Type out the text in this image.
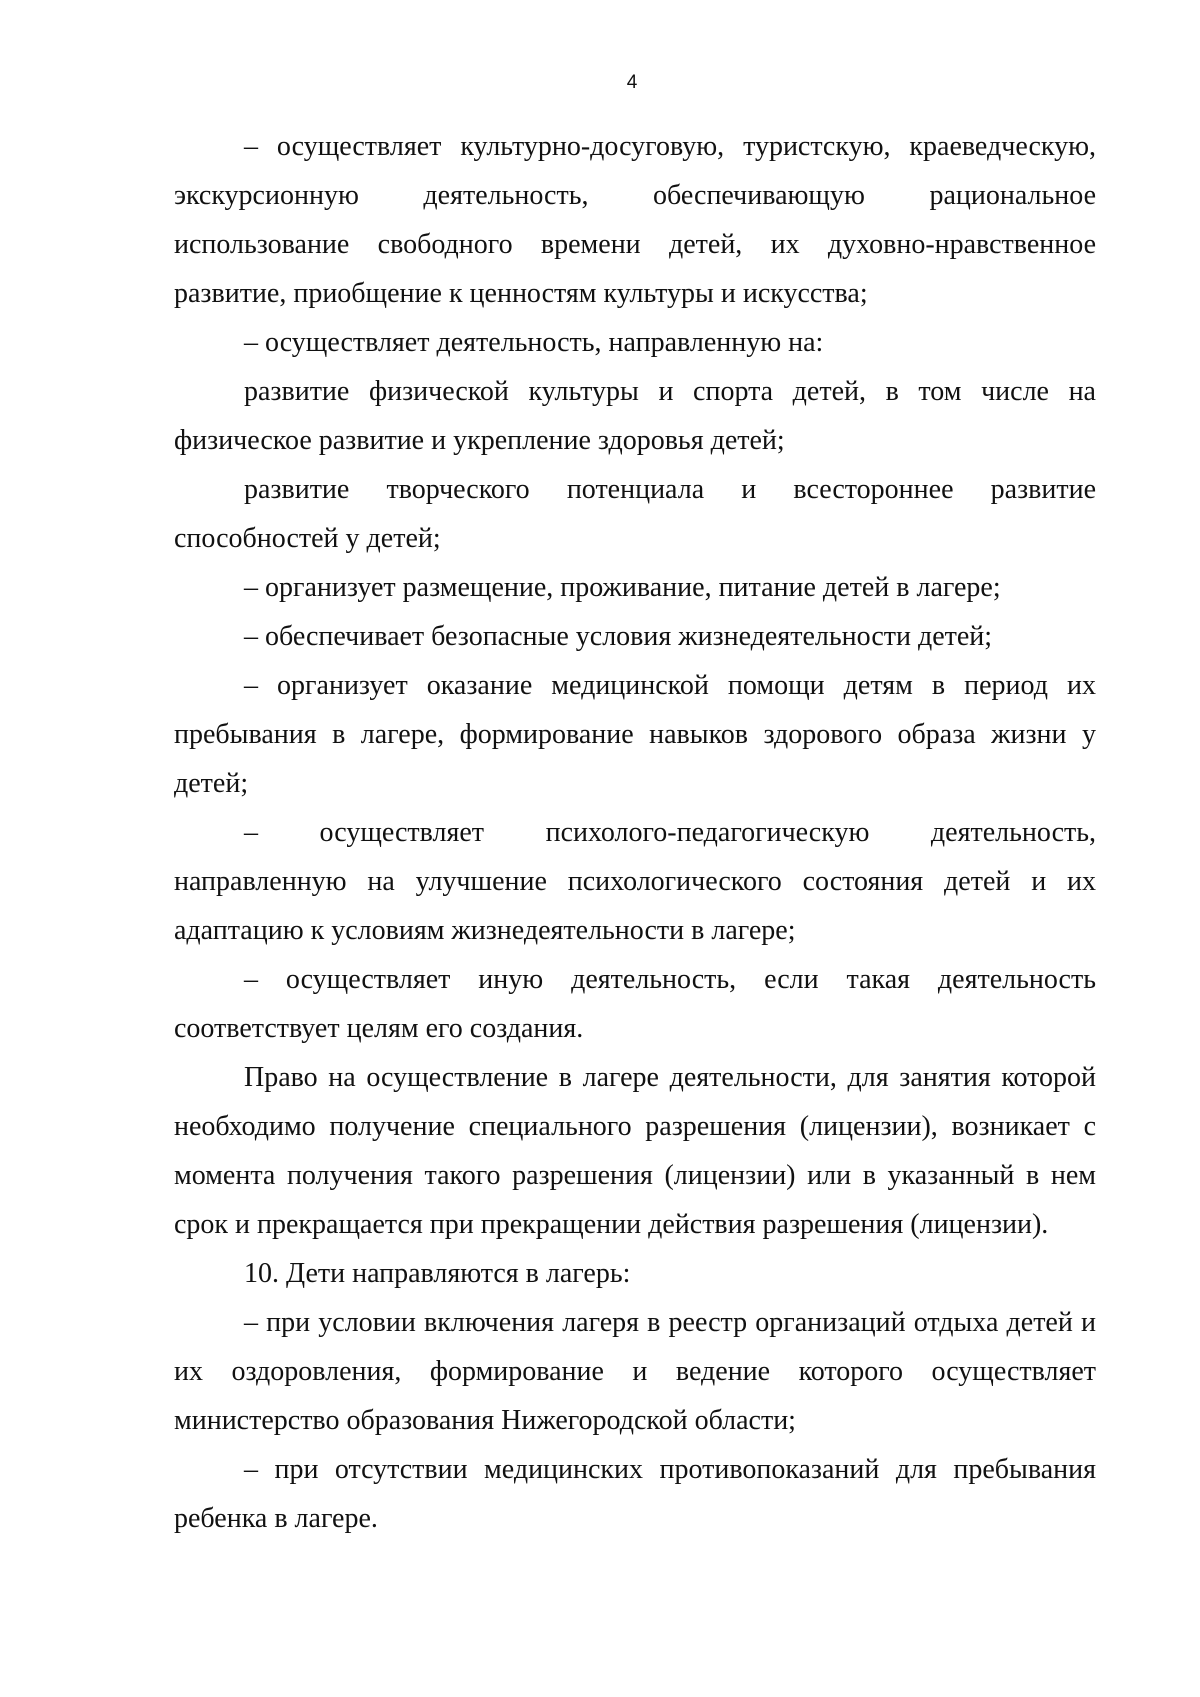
4

– осуществляет культурно-досуговую, туристскую, краеведческую, экскурсионную деятельность, обеспечивающую рациональное использование свободного времени детей, их духовно-нравственное развитие, приобщение к ценностям культуры и искусства;

– осуществляет деятельность, направленную на:

развитие физической культуры и спорта детей, в том числе на физическое развитие и укрепление здоровья детей;

развитие творческого потенциала и всестороннее развитие способностей у детей;

– организует размещение, проживание, питание детей в лагере;

– обеспечивает безопасные условия жизнедеятельности детей;

– организует оказание медицинской помощи детям в период их пребывания в лагере, формирование навыков здорового образа жизни у детей;

– осуществляет психолого-педагогическую деятельность, направленную на улучшение психологического состояния детей и их адаптацию к условиям жизнедеятельности в лагере;

– осуществляет иную деятельность, если такая деятельность соответствует целям его создания.

Право на осуществление в лагере деятельности, для занятия которой необходимо получение специального разрешения (лицензии), возникает с момента получения такого разрешения (лицензии) или в указанный в нем срок и прекращается при прекращении действия разрешения (лицензии).

10. Дети направляются в лагерь:

– при условии включения лагеря в реестр организаций отдыха детей и их оздоровления, формирование и ведение которого осуществляет министерство образования Нижегородской области;

– при отсутствии медицинских противопоказаний для пребывания ребенка в лагере.
